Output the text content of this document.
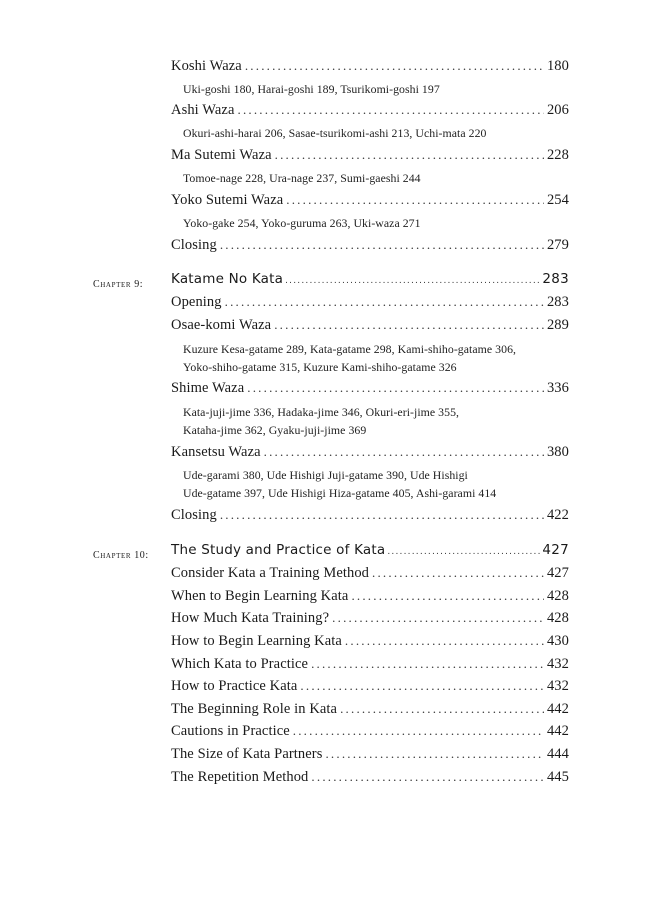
Koshi Waza .....	180
Uki-goshi 180, Harai-goshi 189, Tsurikomi-goshi 197
Ashi Waza .....	206
Okuri-ashi-harai 206, Sasae-tsurikomi-ashi 213, Uchi-mata 220
Ma Sutemi Waza .....	228
Tomoe-nage 228, Ura-nage 237, Sumi-gaeshi 244
Yoko Sutemi Waza .....	254
Yoko-gake 254, Yoko-guruma 263, Uki-waza 271
Closing .....	279
Chapter 9: Katame No Kata .....	283
Opening .....	283
Osae-komi Waza .....	289
Kuzure Kesa-gatame 289, Kata-gatame 298, Kami-shiho-gatame 306,
Yoko-shiho-gatame 315, Kuzure Kami-shiho-gatame 326
Shime Waza .....	336
Kata-juji-jime 336, Hadaka-jime 346, Okuri-eri-jime 355,
Kataha-jime 362, Gyaku-juji-jime 369
Kansetsu Waza .....	380
Ude-garami 380, Ude Hishigi Juji-gatame 390, Ude Hishigi
Ude-gatame 397, Ude Hishigi Hiza-gatame 405, Ashi-garami 414
Closing .....	422
Chapter 10: The Study and Practice of Kata .....	427
Consider Kata a Training Method .....	427
When to Begin Learning Kata .....	428
How Much Kata Training? .....	428
How to Begin Learning Kata .....	430
Which Kata to Practice .....	432
How to Practice Kata .....	432
The Beginning Role in Kata .....	442
Cautions in Practice .....	442
The Size of Kata Partners .....	444
The Repetition Method .....	445
